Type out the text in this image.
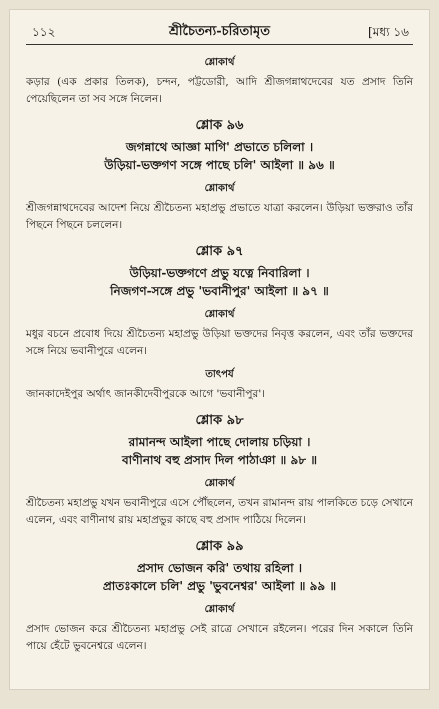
১১২	শ্রীচৈতন্য-চরিতামৃত	[মধ্য ১৬
শ্লোকার্থ

কড়ার (এক প্রকার তিলক), চন্দন, পট্টডোরী, আদি শ্রীজগন্নাথদেবের যত প্রসাদ তিনি পেয়েছিলেন তা সব সঙ্গে নিলেন।

শ্লোক ৯৬
জগন্নাথে আজ্ঞা মাগি' প্রভাতে চলিলা ।
উড়িয়া-ভক্তগণ সঙ্গে পাছে চলি' আইলা ॥ ৯৬ ॥
শ্লোকার্থ

শ্রীজগন্নাথদেবের আদেশ নিয়ে শ্রীচৈতন্য মহাপ্রভু প্রভাতে যাত্রা করলেন। উড়িয়া ভক্তরাও তাঁর পিছনে পিছনে চললেন।

শ্লোক ৯৭
উড়িয়া-ভক্তগণে প্রভু যত্নে নিবারিলা ।
নিজগণ-সঙ্গে প্রভু 'ভবানীপুর' আইলা ॥ ৯৭ ॥
শ্লোকার্থ

মধুর বচনে প্রবোধ দিয়ে শ্রীচৈতন্য মহাপ্রভু উড়িয়া ভক্তদের নিবৃত্ত করলেন, এবং তাঁর ভক্তদের সঙ্গে নিয়ে ভবানীপুরে এলেন।

তাৎপর্য

জানকাদেইপুর অর্থাৎ জানকীদেবীপুরকে আগে 'ভবানীপুর'।

শ্লোক ৯৮
রামানন্দ আইলা পাছে দোলায় চড়িয়া ।
বাণীনাথ বহু প্রসাদ দিল পাঠাঞা ॥ ৯৮ ॥
শ্লোকার্থ

শ্রীচৈতন্য মহাপ্রভু যখন ভবানীপুরে এসে পৌঁছলেন, তখন রামানন্দ রায় পালকিতে চড়ে সেখানে এলেন, এবং বাণীনাথ রায় মহাপ্রভুর কাছে বহু প্রসাদ পাঠিয়ে দিলেন।

শ্লোক ৯৯
প্রসাদ ভোজন করি' তথায় রহিলা ।
প্রাতঃকালে চলি' প্রভু 'ভুবনেশ্বর' আইলা ॥ ৯৯ ॥
শ্লোকার্থ

প্রসাদ ভোজন করে শ্রীচৈতন্য মহাপ্রভু সেই রাত্রে সেখানে রইলেন। পরের দিন সকালে তিনি পায়ে হেঁটে ভুবনেশ্বরে এলেন।
